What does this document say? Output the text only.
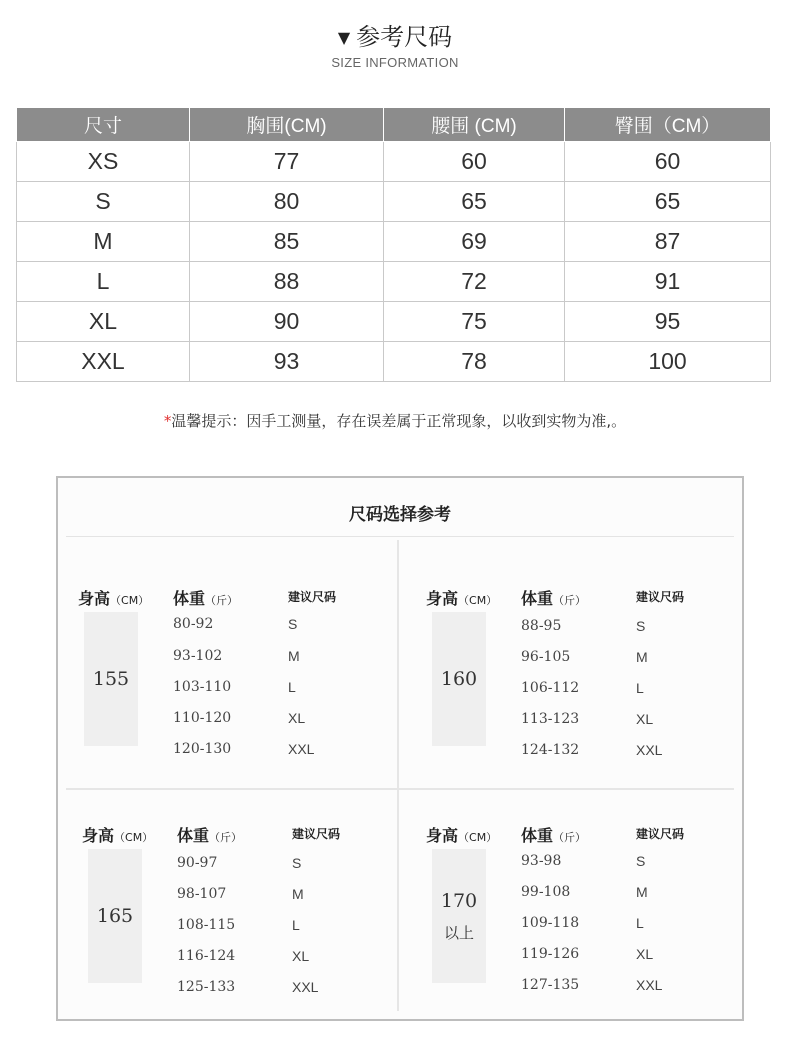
▼ 参考尺码
SIZE INFORMATION
尺寸	胸围(CM)	腰围 (CM)	臀围（CM）
XS	77	60	60
S	80	65	65
M	85	69	87
L	88	72	91
XL	90	75	95
XXL	93	78	100
*温馨提示：因手工测量，存在误差属于正常现象，以收到实物为准,。
尺码选择参考
身高（CM） 体重（斤）	建议尺码
155
80-92	S
93-102	M
103-110	L
110-120	XL
120-130	XXL
身高（CM） 体重（斤）	建议尺码
160
88-95	S
96-105	M
106-112	L
113-123	XL
124-132	XXL
身高（CM） 体重（斤）	建议尺码
165
90-97	S
98-107	M
108-115	L
116-124	XL
125-133	XXL
身高（CM） 体重（斤）	建议尺码
170
以上
93-98	S
99-108	M
109-118	L
119-126	XL
127-135	XXL
